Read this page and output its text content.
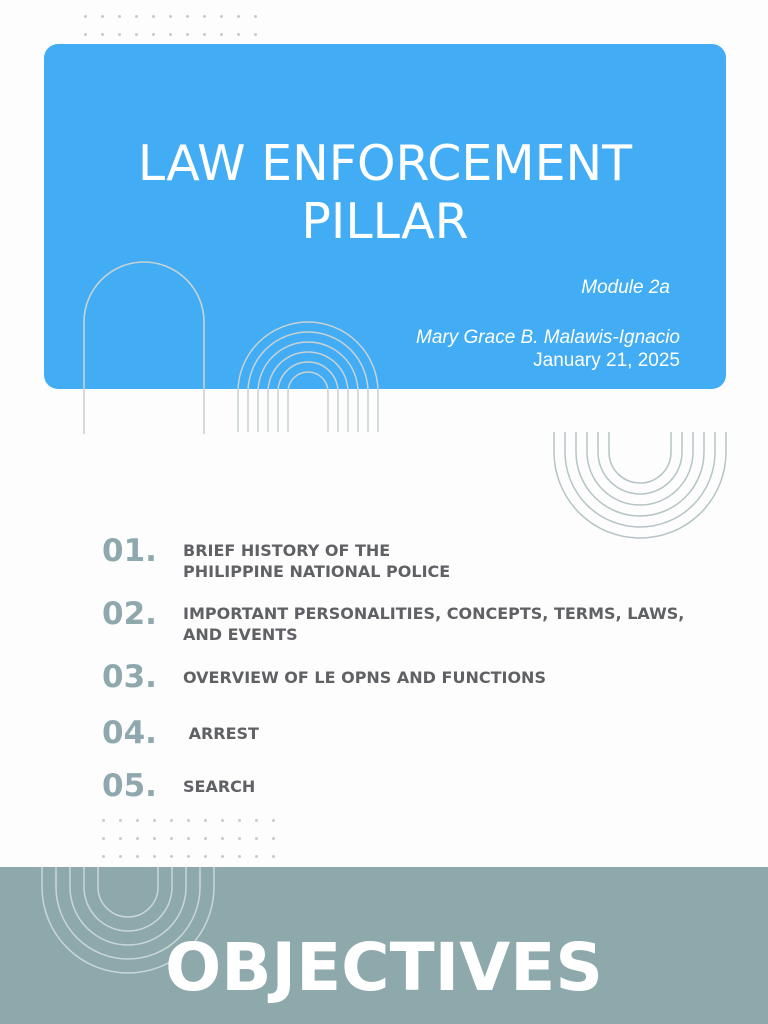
LAW ENFORCEMENT
PILLAR
Module 2a
Mary Grace B. Malawis-Ignacio
January 21, 2025
01. BRIEF HISTORY OF THE PHILIPPINE NATIONAL POLICE
02. IMPORTANT PERSONALITIES, CONCEPTS, TERMS, LAWS, AND EVENTS
03. OVERVIEW OF LE OPNS AND FUNCTIONS
04. ARREST
05. SEARCH
OBJECTIVES
